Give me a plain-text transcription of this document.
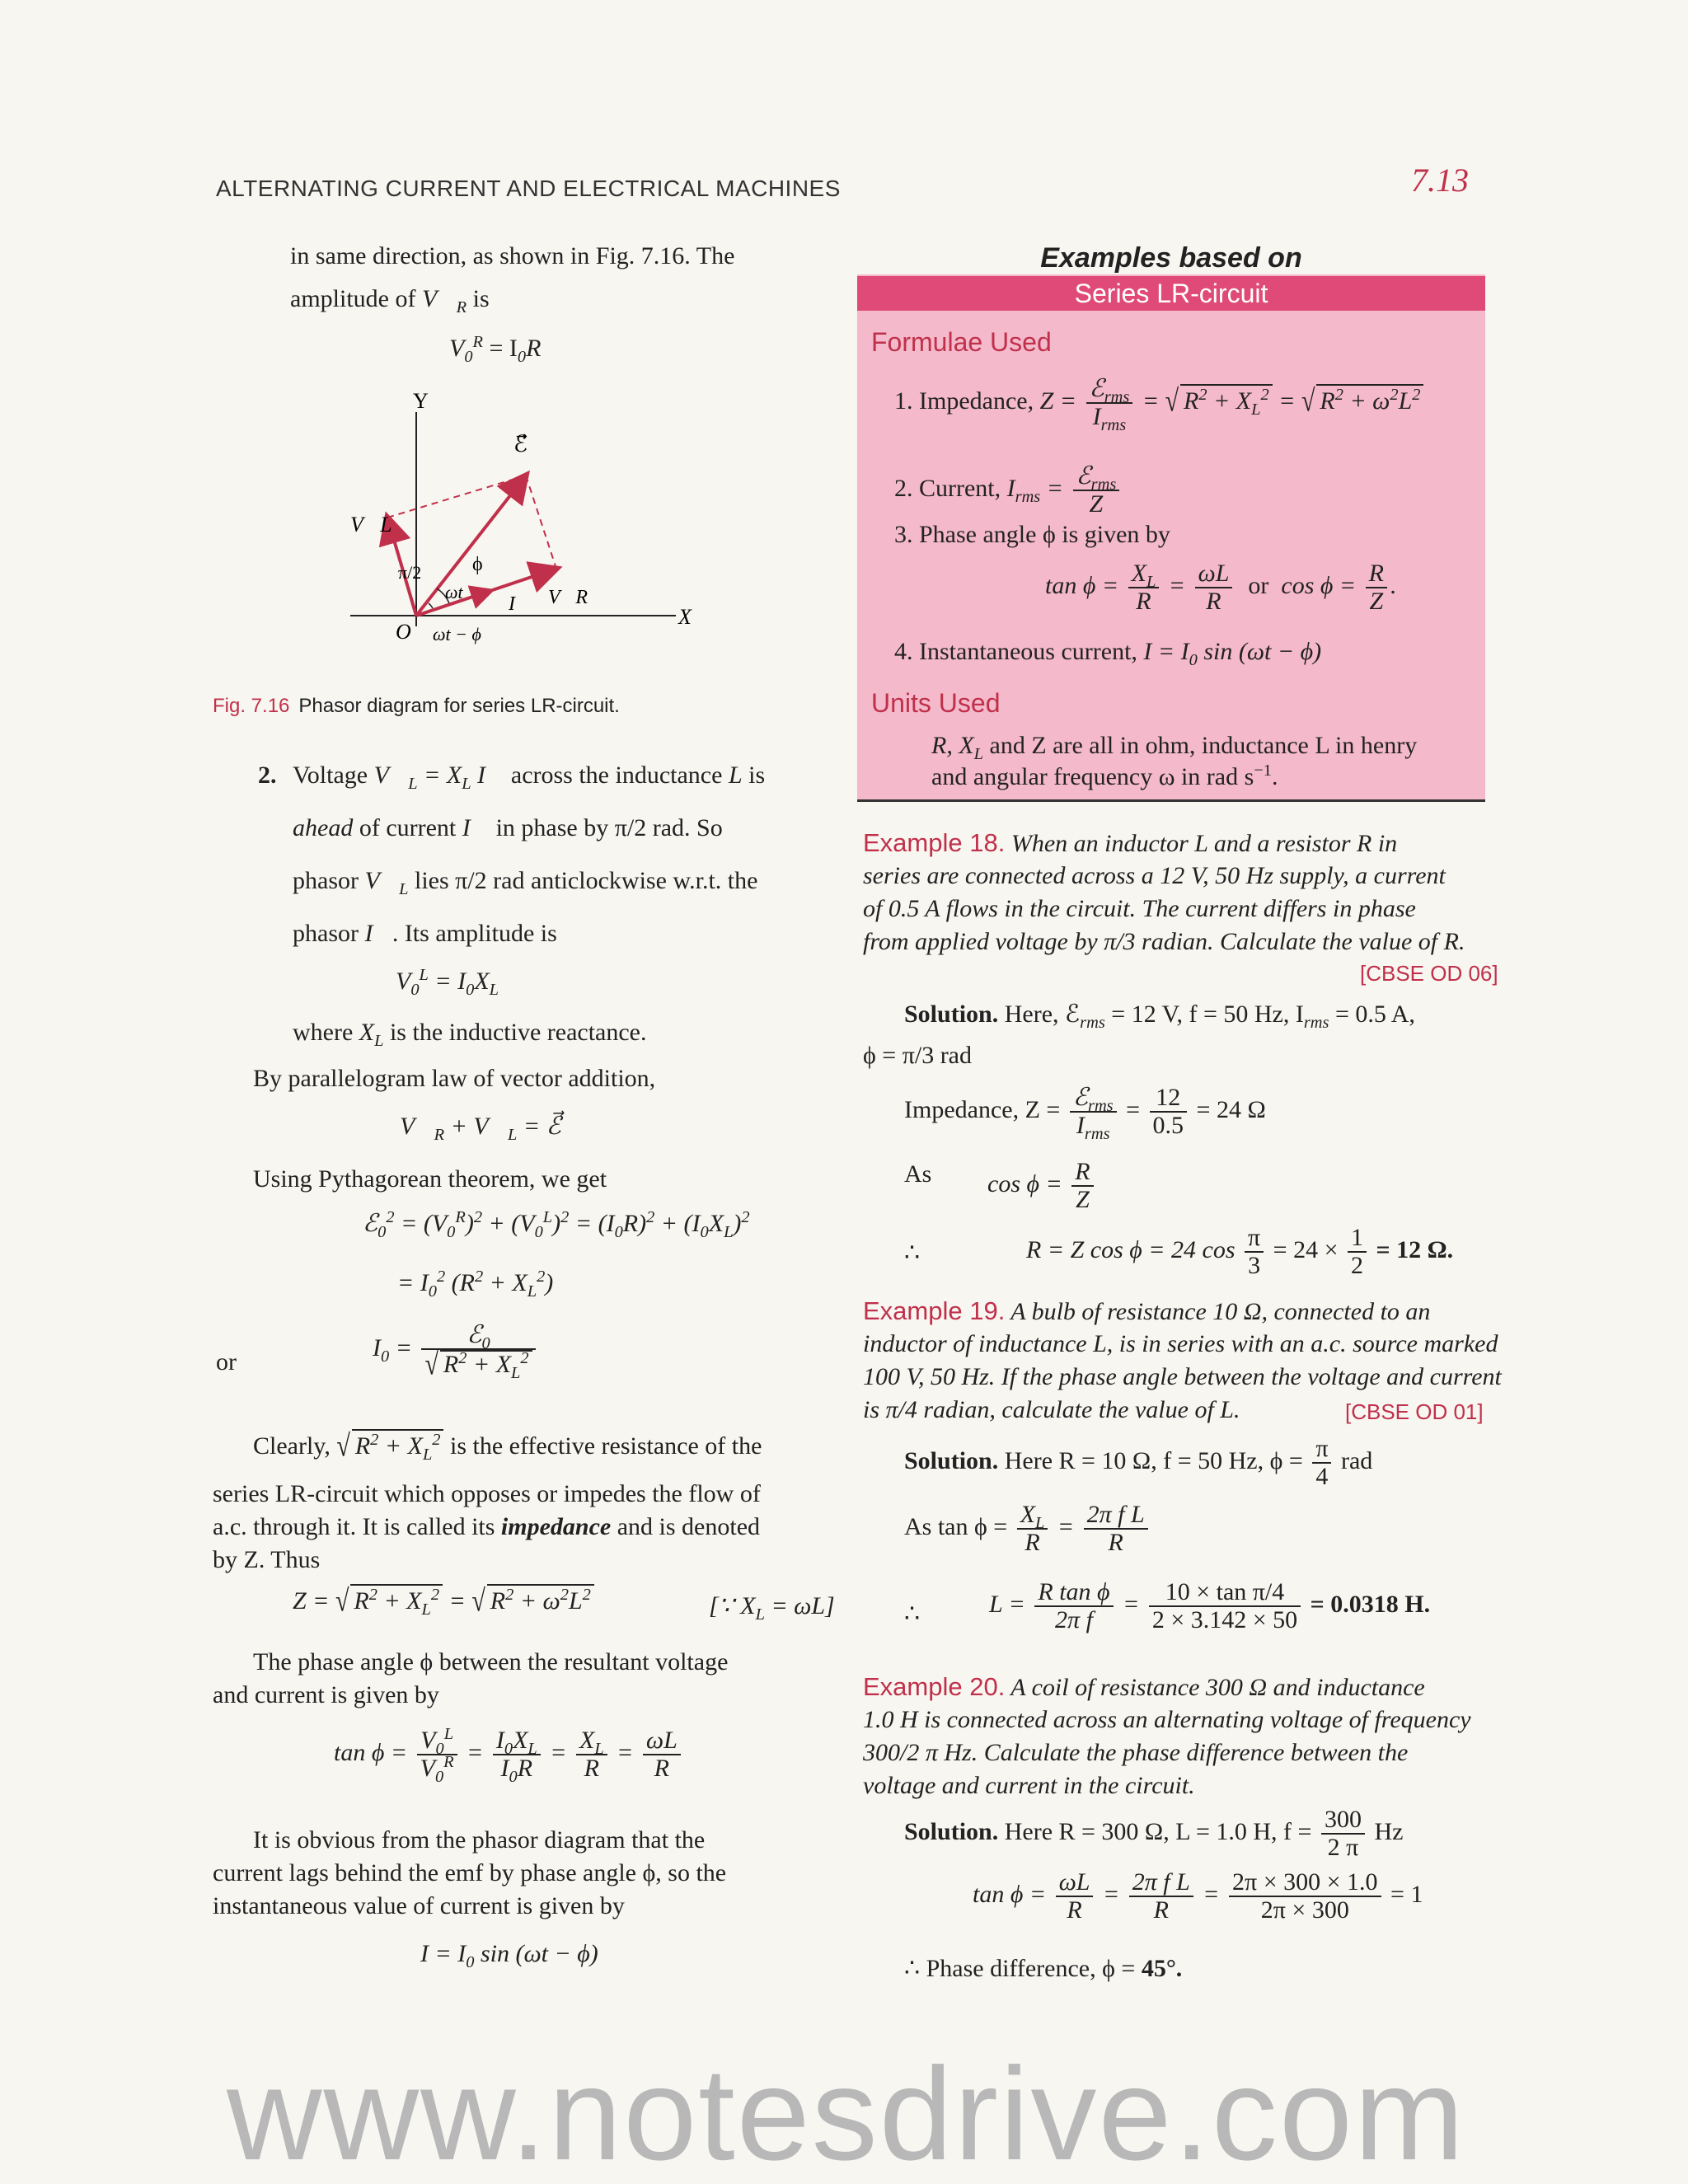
ALTERNATING CURRENT AND ELECTRICAL MACHINES	7.13
in same direction, as shown in Fig. 7.16. The
amplitude of $V⃗_R$ is
$V_0^R = I_0R$
Y
X
O
π/2	ϕ
ωt
ωt − ϕ
ℰ⃗
V⃗L
V⃗R
I⃗
Fig. 7.16 Phasor diagram for series LR-circuit.
2. Voltage $V⃗_L = X_L$ I⃗ across the inductance L is
ahead of current I⃗ in phase by π/2 rad. So
phasor $V⃗_L$ lies π/2 rad anticlockwise w.r.t. the
phasor I⃗. Its amplitude is
$V_0^L = I_0X_L$
where $X_L$ is the inductive reactance.
By parallelogram law of vector addition,
$V⃗_R$ + $V⃗_L$ = ℰ⃗
Using Pythagorean theorem, we get
ℰ$_0^2$ = $(V_0^R)^2 + (V_0^L)^2 = (I_0R)^2 + (I_0X_L)^2$
= $I_0^2$ $(R^2 + X_L^2)$
or
$I_0 = \frac{ℰ_0}{√ R^2 + X_L^2}$
Clearly, √ $R^2 + X_L^2$ is the effective resistance of the
series LR-circuit which opposes or impedes the flow of
a.c. through it. It is called its impedance and is denoted
by Z. Thus
Z = √ $R^2 + X_L^2$ = √ $R^2 + \omega^2L^2$	[∵ $X_L = \omega L$]
The phase angle ϕ between the resultant voltage
and current is given by
$\tan \phi = \frac{V_0^L}{V_0^R} = \frac{I_0X_L}{I_0R} = \frac{X_L}{R} = \frac{\omega L}{R}$
It is obvious from the phasor diagram that the
current lags behind the emf by phase angle ϕ, so the
instantaneous value of current is given by
$I = I_0$ sin (ωt − ϕ)
Examples based on
Series LR-circuit
Formulae Used
1. Impedance, $Z = \frac{ℰ_{rms}}{I_{rms}}$ = √ $R^2 + X_L^2$ = √ $R^2 + \omega^2L^2$
2. Current, $I_{rms} = \frac{ℰ_{rms}}{Z}$
3. Phase angle ϕ is given by
$\tan \phi = \frac{X_L}{R} = \frac{\omega L}{R}$ or  $\cos \phi = \frac{R}{Z}$ .
4. Instantaneous current, $I = I_0$ sin (ωt − ϕ)
Units Used
R, $X_L$ and Z are all in ohm, inductance L in henry
and angular frequency ω in rad $s^{-1}$.
Example 18. When an inductor L and a resistor R in
series are connected across a 12 V, 50 Hz supply, a current
of 0.5 A flows in the circuit. The current differs in phase
from applied voltage by π/3 radian. Calculate the value of R.
[CBSE OD 06]
Solution. Here, ℰ$_{rms}$ = 12 V, f = 50 Hz, $I_{rms} = 0.5$ A,
ϕ = π/3 rad
Impedance, $Z = \frac{ℰ_{rms}}{I_{rms}} = \frac{12}{0.5} = 24$ Ω
As $\cos \phi = \frac{R}{Z}$
∴	R = Z cos ϕ = 24 $\cos \frac{\pi}{3} = 24 \times \frac{1}{2} = 12$ Ω.
Example 19. A bulb of resistance 10 Ω, connected to an
inductor of inductance L, is in series with an a.c. source marked
100 V, 50 Hz. If the phase angle between the voltage and current
is π/4 radian, calculate the value of L.	[CBSE OD 01]
Solution. Here R = 10 Ω, f = 50 Hz, $\phi = \frac{\pi}{4}$ rad
As $\tan \phi = \frac{X_L}{R} = \frac{\text{2π f L}}{R}$
∴	$L = \frac{\text{R tan ϕ}}{\text{2π f}} = \frac{\text{10 × tan π/4}}{2 \times 3.142 \times 50} = 0.0318$ H.
Example 20. A coil of resistance 300 Ω and inductance
1.0 H is connected across an alternating voltage of frequency
300/2 π Hz. Calculate the phase difference between the
voltage and current in the circuit.
Solution. Here R = 300 Ω, L = 1.0 H, $f = \frac{300}{2 \pi}$ Hz
$\tan \phi = \frac{\omega L}{R} = \frac{\text{2π f L}}{R} = \frac{2\pi \times 300 \times 1.0}{2\pi \times 300} = 1$
∴ Phase difference, ϕ = 45°.
www.notesdrive.com
